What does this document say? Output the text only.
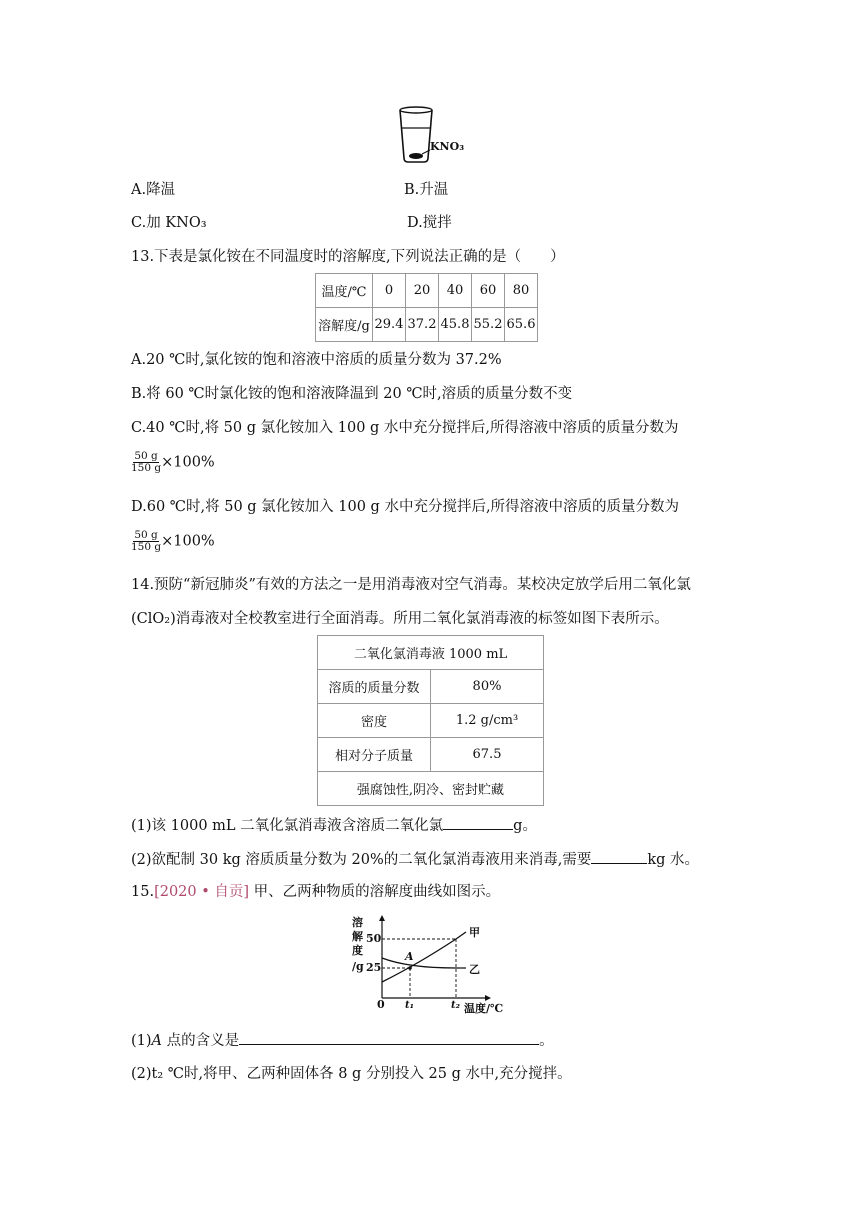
KNO₃
A.降温	B.升温
C.加 KNO₃	D.搅拌
13.下表是氯化铵在不同温度时的溶解度,下列说法正确的是（　　）
温度/℃	0	20	40	60	80
溶解度/g	29.4	37.2	45.8	55.2	65.6
A.20 ℃时,氯化铵的饱和溶液中溶质的质量分数为 37.2%
B.将 60 ℃时氯化铵的饱和溶液降温到 20 ℃时,溶质的质量分数不变
C.40 ℃时,将 50 g 氯化铵加入 100 g 水中充分搅拌后,所得溶液中溶质的质量分数为
$\frac{50 g}{150 g} \times 100\%$
D.60 ℃时,将 50 g 氯化铵加入 100 g 水中充分搅拌后,所得溶液中溶质的质量分数为
$\frac{50 g}{150 g} \times 100\%$
14.预防“新冠肺炎”有效的方法之一是用消毒液对空气消毒。某校决定放学后用二氧化氯
(ClO₂)消毒液对全校教室进行全面消毒。所用二氧化氯消毒液的标签如图下表所示。
二氧化氯消毒液 1000 mL	
溶质的质量分数	80%
密度	1.2 g/cm³
相对分子质量	67.5
强腐蚀性,阴冷、密封贮藏	
(1)该 1000 mL 二氧化氯消毒液含溶质二氧化氯	g。
(2)欲配制 30 kg 溶质质量分数为 20%的二氧化氯消毒液用来消毒,需要	kg 水。
15.[2020 • 自贡] 甲、乙两种物质的溶解度曲线如图示。
溶
解
度
/g
50
25
0 t₁	t₂ 温度/℃
甲
乙
A
(1)A 点的含义是	。
(2)t₂ ℃时,将甲、乙两种固体各 8 g 分别投入 25 g 水中,充分搅拌。
